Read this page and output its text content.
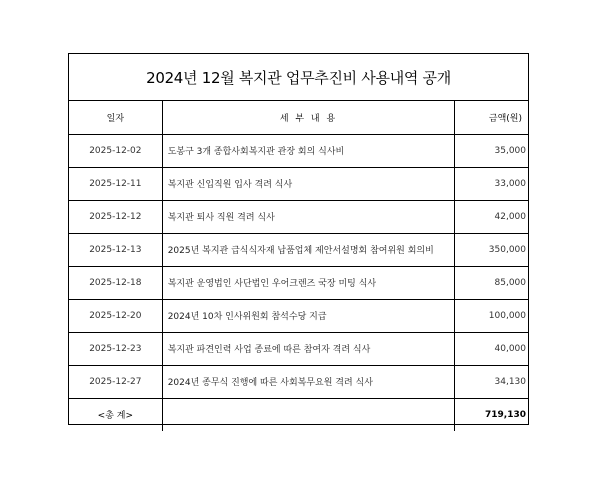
2024년 12월 복지관 업무추진비 사용내역 공개
일자	세 부 내 용	금액(원)
2025-12-02	도봉구 3개 종합사회복지관 관장 회의 식사비	35,000
2025-12-11	복지관 신입직원 입사 격려 식사	33,000
2025-12-12	복지관 퇴사 직원 격려 식사	42,000
2025-12-13	2025년 복지관 급식식자재 납품업체 제안서설명회 참여위원 회의비	350,000
2025-12-18	복지관 운영법인 사단법인 우어크렌즈 국장 미팅 식사	85,000
2025-12-20	2024년 10차 인사위원회 참석수당 지급	100,000
2025-12-23	복지관 파견인력 사업 종료에 따른 참여자 격려 식사	40,000
2025-12-27	2024년 종무식 진행에 따른 사회복무요원 격려 식사	34,130
<총 계>		719,130
